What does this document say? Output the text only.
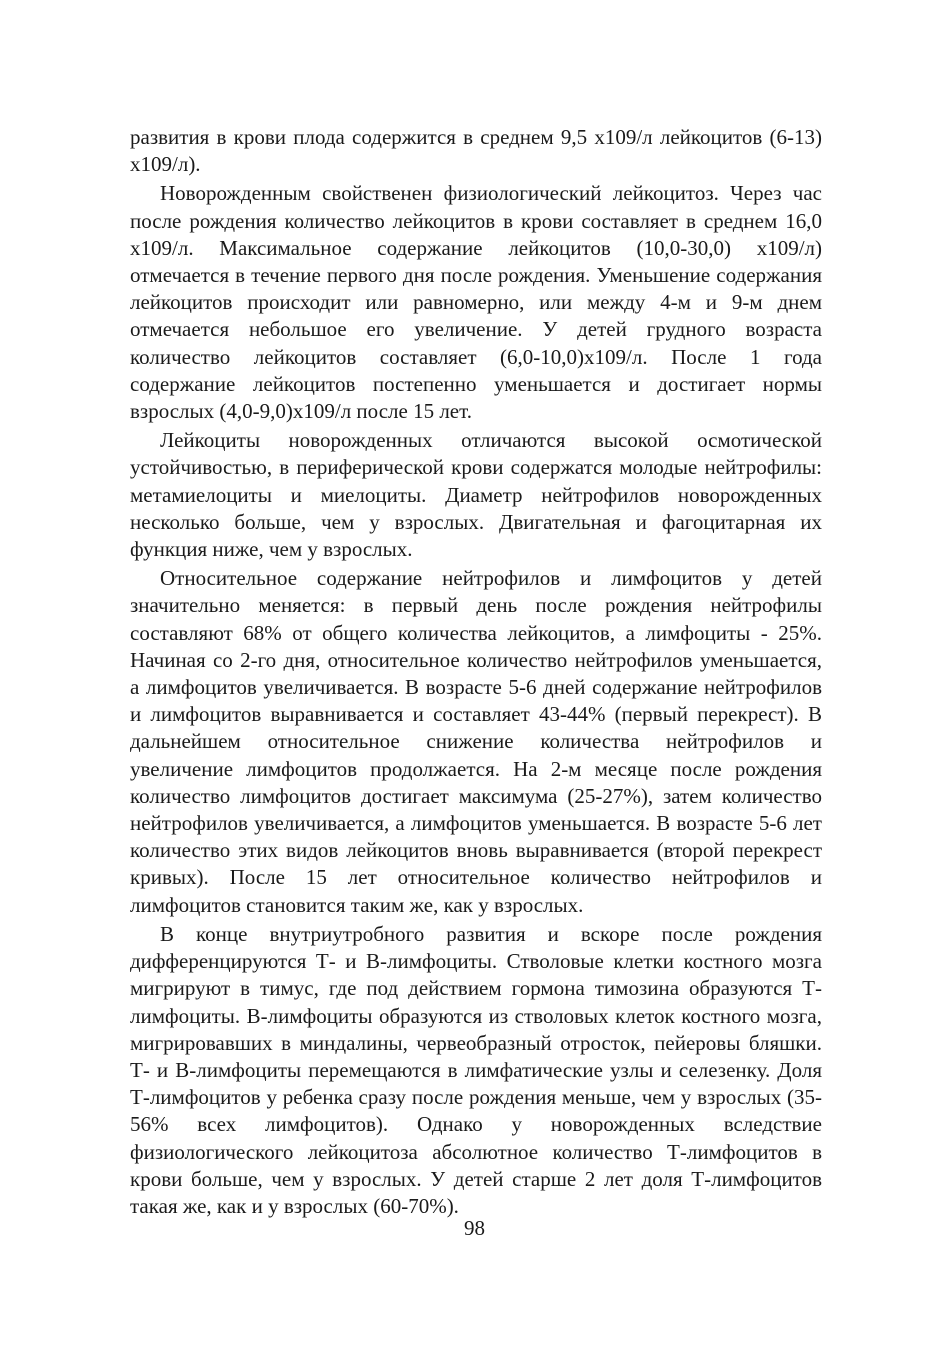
развития в крови плода содержится в среднем 9,5 х109/л лейкоцитов (6-13) х109/л).

Новорожденным свойственен физиологический лейкоцитоз. Через час после рождения количество лейкоцитов в крови составляет в среднем 16,0 х109/л. Максимальное содержание лейкоцитов (10,0-30,0) х109/л) отмечается в течение первого дня после рождения. Уменьшение содержания лейкоцитов происходит или равномерно, или между 4-м и 9-м днем отмечается небольшое его увеличение. У детей грудного возраста количество лейкоцитов составляет (6,0-10,0)х109/л. После 1 года содержание лейкоцитов постепенно уменьшается и достигает нормы взрослых (4,0-9,0)х109/л после 15 лет.

Лейкоциты новорожденных отличаются высокой осмотической устойчивостью, в периферической крови содержатся молодые нейтрофилы: метамиелоциты и миелоциты. Диаметр нейтрофилов новорожденных несколько больше, чем у взрослых. Двигательная и фагоцитарная их функция ниже, чем у взрослых.

Относительное содержание нейтрофилов и лимфоцитов у детей значительно меняется: в первый день после рождения нейтрофилы составляют 68% от общего количества лейкоцитов, а лимфоциты - 25%. Начиная со 2-го дня, относительное количество нейтрофилов уменьшается, а лимфоцитов увеличивается. В возрасте 5-6 дней содержание нейтрофилов и лимфоцитов выравнивается и составляет 43-44% (первый перекрест). В дальнейшем относительное снижение количества нейтрофилов и увеличение лимфоцитов продолжается. На 2-м месяце после рождения количество лимфоцитов достигает максимума (25-27%), затем количество нейтрофилов увеличивается, а лимфоцитов уменьшается. В возрасте 5-6 лет количество этих видов лейкоцитов вновь выравнивается (второй перекрест кривых). После 15 лет относительное количество нейтрофилов и лимфоцитов становится таким же, как у взрослых.

В конце внутриутробного развития и вскоре после рождения дифференцируются Т- и В-лимфоциты. Стволовые клетки костного мозга мигрируют в тимус, где под действием гормона тимозина образуются Т-лимфоциты. В-лимфоциты образуются из стволовых клеток костного мозга, мигрировавших в миндалины, червеобразный отросток, пейеровы бляшки. Т- и В-лимфоциты перемещаются в лимфатические узлы и селезенку. Доля Т-лимфоцитов у ребенка сразу после рождения меньше, чем у взрослых (35-56% всех лимфоцитов). Однако у новорожденных вследствие физиологического лейкоцитоза абсолютное количество Т-лимфоцитов в крови больше, чем у взрослых. У детей старше 2 лет доля Т-лимфоцитов такая же, как и у взрослых (60-70%).

98
